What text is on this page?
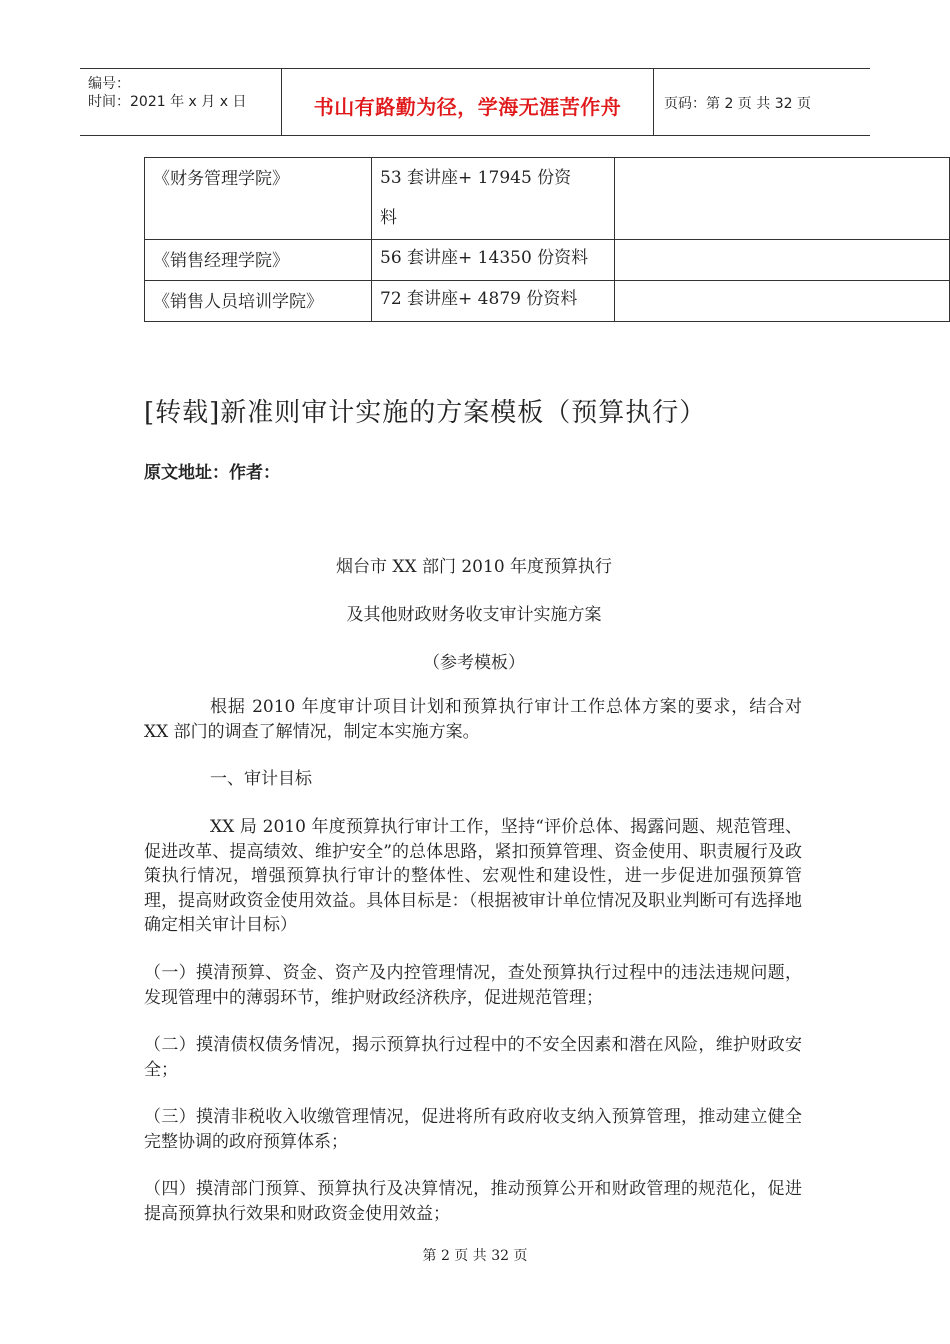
编号：
时间：2021 年 x 月 x 日	书山有路勤为径，学海无涯苦作舟	页码：第 2 页 共 32 页
《财务管理学院》	53 套讲座+ 17945 份资
料	
《销售经理学院》	56 套讲座+ 14350 份资料	
《销售人员培训学院》	72 套讲座+ 4879 份资料	
[转载]新准则审计实施的方案模板（预算执行）
原文地址：作者：
烟台市 XX 部门 2010 年度预算执行
及其他财政财务收支审计实施方案
（参考模板）
根据 2010 年度审计项目计划和预算执行审计工作总体方案的要求，结合对 XX 部门的调查了解情况，制定本实施方案。
一、审计目标
XX 局 2010 年度预算执行审计工作，坚持“评价总体、揭露问题、规范管理、促进改革、提高绩效、维护安全”的总体思路，紧扣预算管理、资金使用、职责履行及政策执行情况，增强预算执行审计的整体性、宏观性和建设性，进一步促进加强预算管理，提高财政资金使用效益。具体目标是：（根据被审计单位情况及职业判断可有选择地确定相关审计目标）
（一）摸清预算、资金、资产及内控管理情况，查处预算执行过程中的违法违规问题，发现管理中的薄弱环节，维护财政经济秩序，促进规范管理；
（二）摸清债权债务情况，揭示预算执行过程中的不安全因素和潜在风险，维护财政安全；
（三）摸清非税收入收缴管理情况，促进将所有政府收支纳入预算管理，推动建立健全完整协调的政府预算体系；
（四）摸清部门预算、预算执行及决算情况，推动预算公开和财政管理的规范化，促进提高预算执行效果和财政资金使用效益；
第 2 页 共 32 页
